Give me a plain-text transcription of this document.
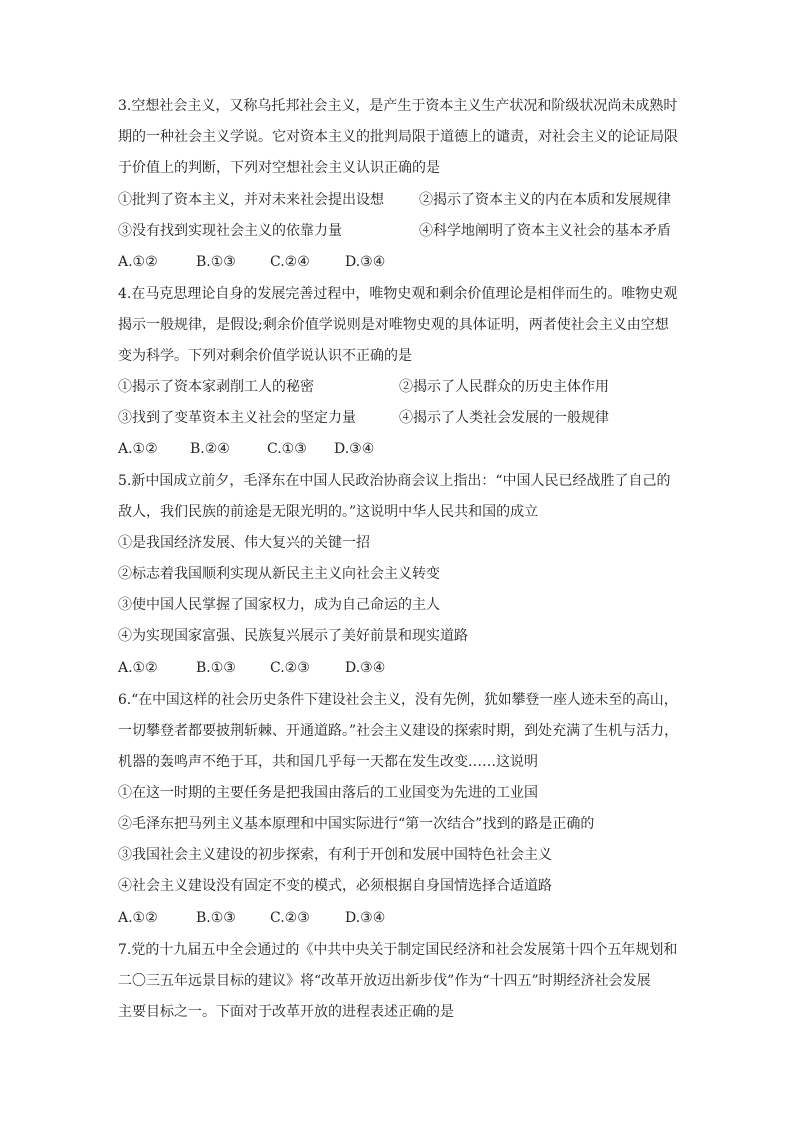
3.空想社会主义，又称乌托邦社会主义，是产生于资本主义生产状况和阶级状况尚未成熟时
期的一种社会主义学说。它对资本主义的批判局限于道德上的谴责，对社会主义的论证局限
于价值上的判断，下列对空想社会主义认识正确的是
①批判了资本主义，并对未来社会提出设想	②揭示了资本主义的内在本质和发展规律
③没有找到实现社会主义的依靠力量	④科学地阐明了资本主义社会的基本矛盾
A.①②	B.①③ C.②④	D.③④
4.在马克思理论自身的发展完善过程中，唯物史观和剩余价值理论是相伴而生的。唯物史观
揭示一般规律，是假设;剩余价值学说则是对唯物史观的具体证明，两者使社会主义由空想
变为科学。下列对剩余价值学说认识不正确的是
①揭示了资本家剥削工人的秘密	②揭示了人民群众的历史主体作用
③找到了变革资本主义社会的坚定力量	④揭示了人类社会发展的一般规律
A.①② B.②④	C.①③ D.③④
5.新中国成立前夕，毛泽东在中国人民政治协商会议上指出：“中国人民已经战胜了自己的
敌人，我们民族的前途是无限光明的。”这说明中华人民共和国的成立
①是我国经济发展、伟大复兴的关键一招
②标志着我国顺利实现从新民主主义向社会主义转变
③使中国人民掌握了国家权力，成为自己命运的主人
④为实现国家富强、民族复兴展示了美好前景和现实道路
A.①②	B.①③ C.②③	D.③④
6.“在中国这样的社会历史条件下建设社会主义，没有先例，犹如攀登一座人迹未至的高山，
一切攀登者都要披荆斩棘、开通道路。”社会主义建设的探索时期，到处充满了生机与活力，
机器的轰鸣声不绝于耳，共和国几乎每一天都在发生改变……这说明
①在这一时期的主要任务是把我国由落后的工业国变为先进的工业国
②毛泽东把马列主义基本原理和中国实际进行“第一次结合”找到的路是正确的
③我国社会主义建设的初步探索，有利于开创和发展中国特色社会主义
④社会主义建设没有固定不变的模式，必须根据自身国情选择合适道路
A.①②	B.①③ C.②③	D.③④
7.党的十九届五中全会通过的《中共中央关于制定国民经济和社会发展第十四个五年规划和
二〇三五年远景目标的建议》将“改革开放迈出新步伐”作为“十四五”时期经济社会发展
主要目标之一。下面对于改革开放的进程表述正确的是
